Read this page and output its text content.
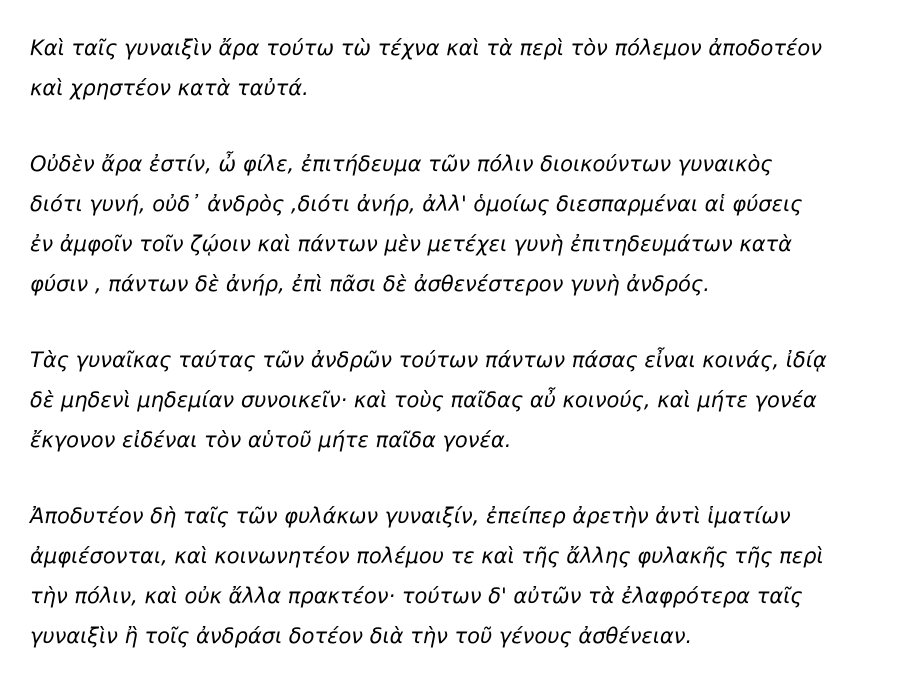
Καὶ ταῖς γυναιξὶν ἄρα τούτω τὼ τέχνα καὶ τὰ περὶ τὸν πόλεμον ἀποδοτέον
καὶ χρηστέον κατὰ ταὐτά.
Οὐδὲν ἄρα ἐστίν, ὦ φίλε, ἐπιτήδευμα τῶν πόλιν διοικούντων γυναικὸς
διότι γυνή, οὐδ᾽ ἀνδρὸς ,διότι ἀνήρ, ἀλλ' ὁμοίως διεσπαρμέναι αἱ φύσεις
ἐν ἀμφοῖν τοῖν ζῴοιν καὶ πάντων μὲν μετέχει γυνὴ ἐπιτηδευμάτων κατὰ
φύσιν , πάντων δὲ ἀνήρ, ἐπὶ πᾶσι δὲ ἀσθενέστερον γυνὴ ἀνδρός.
Τὰς γυναῖκας ταύτας τῶν ἀνδρῶν τούτων πάντων πάσας εἶναι κοινάς, ἰδίᾳ
δὲ μηδενὶ μηδεμίαν συνοικεῖν· καὶ τοὺς παῖδας αὖ κοινούς, καὶ μήτε γονέα
ἔκγονον εἰδέναι τὸν αὑτοῦ μήτε παῖδα γονέα.
Ἀποδυτέον δὴ ταῖς τῶν φυλάκων γυναιξίν, ἐπείπερ ἀρετὴν ἀντὶ ἱματίων
ἀμφιέσονται, καὶ κοινωνητέον πολέμου τε καὶ τῆς ἄλλης φυλακῆς τῆς περὶ
τὴν πόλιν, καὶ οὐκ ἄλλα πρακτέον· τούτων δ' αὐτῶν τὰ ἐλαφρότερα ταῖς
γυναιξὶν ἢ τοῖς ἀνδράσι δοτέον διὰ τὴν τοῦ γένους ἀσθένειαν.
